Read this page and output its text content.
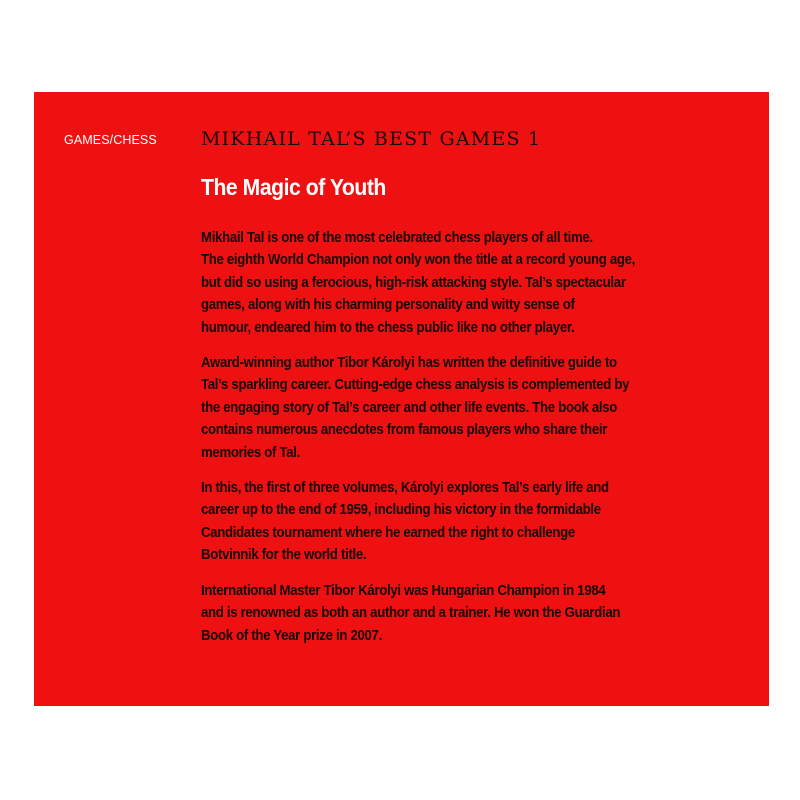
GAMES/CHESS MIKHAIL TAL’S BEST GAMES 1
The Magic of Youth

Mikhail Tal is one of the most celebrated chess players of all time.
The eighth World Champion not only won the title at a record young age,
but did so using a ferocious, high-risk attacking style. Tal’s spectacular
games, along with his charming personality and witty sense of
humour, endeared him to the chess public like no other player.

Award-winning author Tibor Károlyi has written the definitive guide to
Tal’s sparkling career. Cutting-edge chess analysis is complemented by
the engaging story of Tal’s career and other life events. The book also
contains numerous anecdotes from famous players who share their
memories of Tal.

In this, the first of three volumes, Károlyi explores Tal’s early life and
career up to the end of 1959, including his victory in the formidable
Candidates tournament where he earned the right to challenge
Botvinnik for the world title.

International Master Tibor Károlyi was Hungarian Champion in 1984
and is renowned as both an author and a trainer. He won the Guardian
Book of the Year prize in 2007.
